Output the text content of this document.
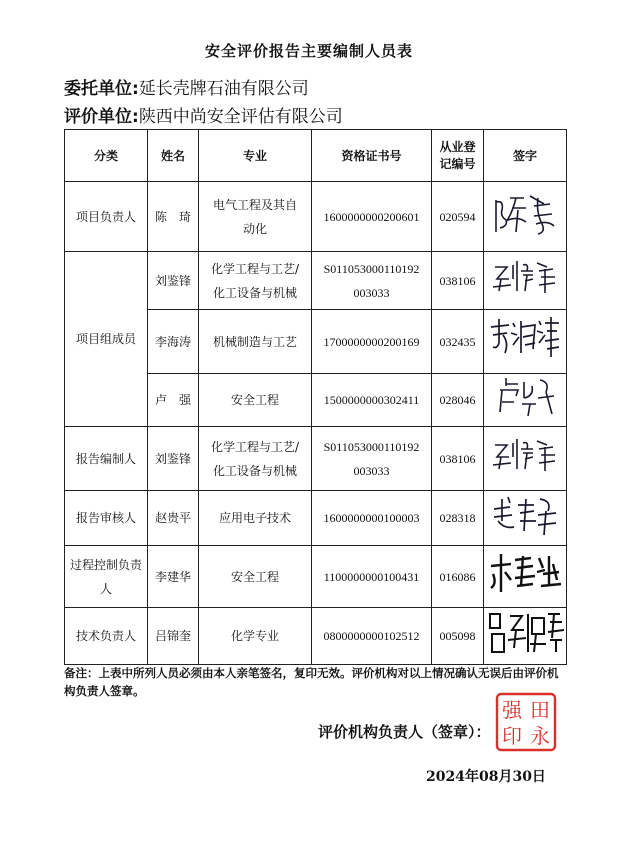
安全评价报告主要编制人员表
委托单位:延长壳牌石油有限公司
评价单位:陕西中尚安全评估有限公司
分类	姓名	专业	资格证书号	从业登记编号	签字
项目负责人	陈　琦	电气工程及其自动化	1600000000200601	020594	
项目组成员	刘鉴锋	化学工程与工艺/化工设备与机械	S011053000110192003033	038106	
	李海涛	机械制造与工艺	1700000000200169	032435	
	卢　强	安全工程	1500000000302411	028046	
报告编制人	刘鉴锋	化学工程与工艺/化工设备与机械	S011053000110192003033	038106	
报告审核人	赵贵平	应用电子技术	1600000000100003	028318	

过程控制负责人	李建华	安全工程	1100000000100431	016086	
技术负责人	吕锦奎	化学专业	0800000000102512	005098	
备注：上表中所列人员必须由本人亲笔签名，复印无效。评价机构对以上情况确认无误后由评价机构负责人签章。
评价机构负责人（签章）：
强 田
印 永
2024年08月30日
